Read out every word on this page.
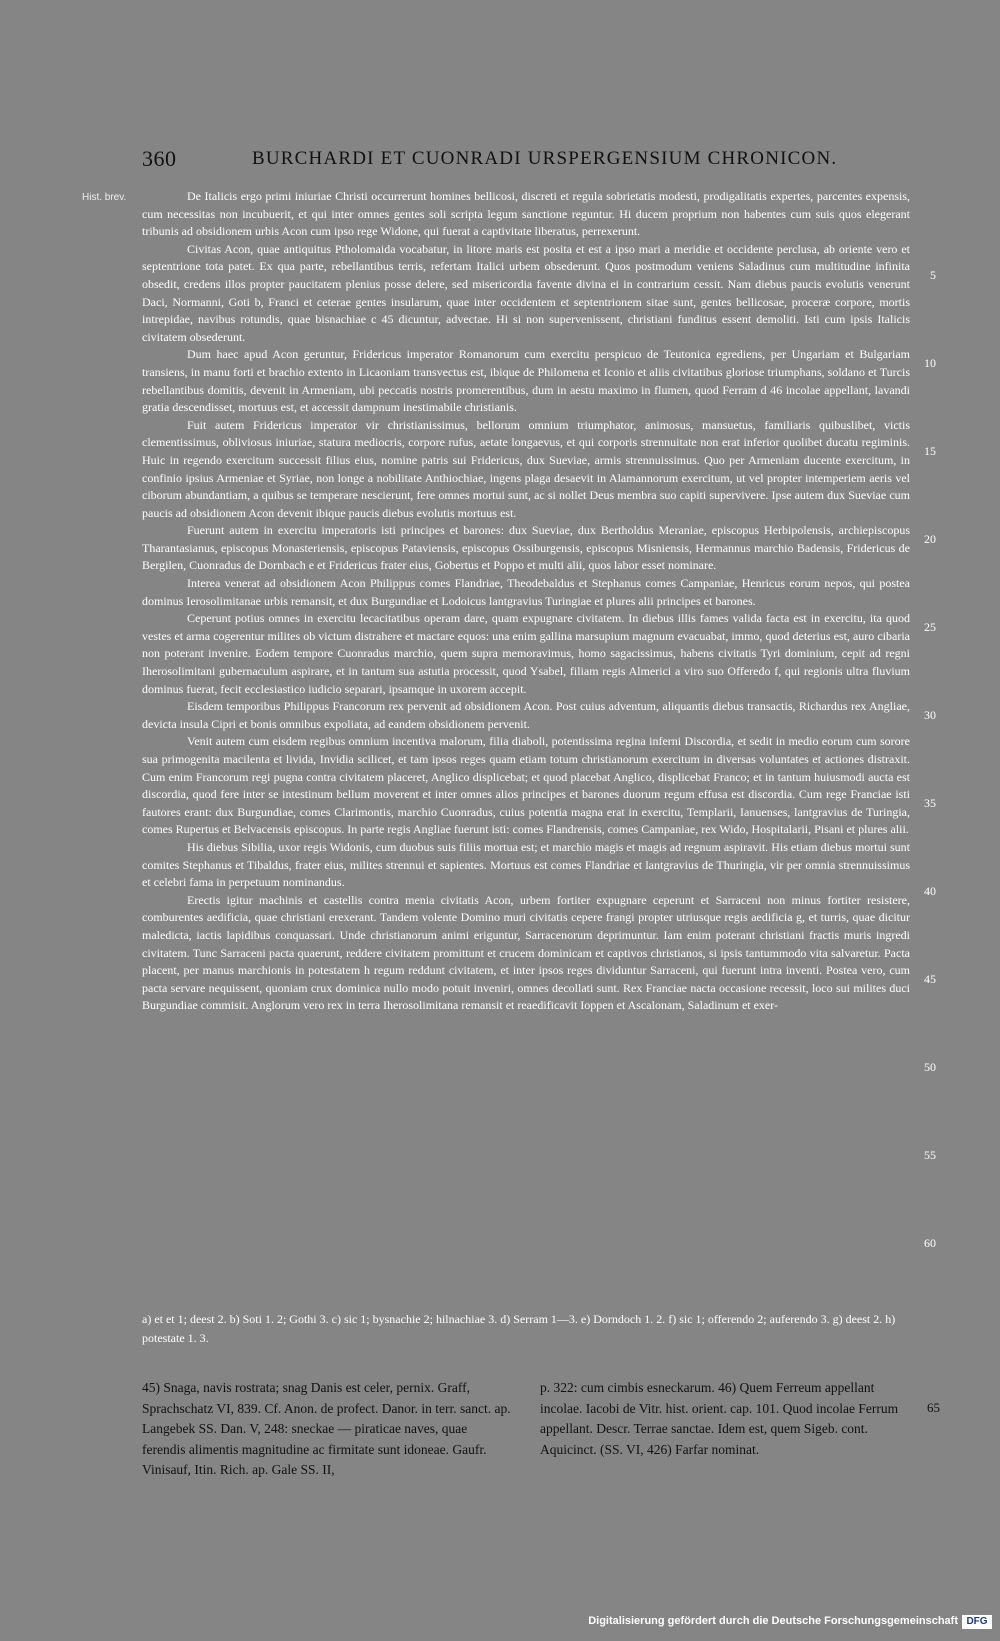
360	BURCHARDI ET CUONRADI URSPERGENSIUM CHRONICON.
Hist. brev.	De Italicis ergo primi iniuriae Christi occurrerunt homines bellicosi, discreti et regula sobrietatis modesti, prodigalitatis expertes, parcentes expensis, cum necessitas non incubuerit, et qui inter omnes gentes soli scripta legum sanctione reguntur. Hi ducem proprium non habentes cum suis quos elegerant tribunis ad obsidionem urbis Acon cum ipso rege Widone, qui fuerat a captivitate liberatus, perrexerunt.

Civitas Acon, quae antiquitus Ptholomaida vocabatur, in litore maris est posita et est a ipso mari a meridie et occidente perclusa, ab oriente vero et septentrione tota patet. Ex qua parte, rebellantibus terris, refertam Italici urbem obsederunt. Quos postmodum veniens Saladinus cum multitudine infinita obsedit, credens illos propter paucitatem plenius posse delere, sed misericordia favente divina ei in contrarium cessit. Nam diebus paucis evolutis venerunt Daci, Normanni, Goti b, Franci et ceterae gentes insularum, quae inter occidentem et septentrionem sitae sunt, gentes bellicosae, proceræ corpore, mortis intrepidae, navibus rotundis, quae bisnachiae c 45 dicuntur, advectae. Hi si non supervenissent, christiani funditus essent demoliti. Isti cum ipsis Italicis civitatem obsederunt.

Dum haec apud Acon geruntur, Fridericus imperator Romanorum cum exercitu perspicuo de Teutonica egrediens, per Ungariam et Bulgariam transiens, in manu forti et brachio extento in Licaoniam transvectus est, ibique de Philomena et Iconio et aliis civitatibus gloriose triumphans, soldano et Turcis rebellantibus domitis, devenit in Armeniam, ubi peccatis nostris promerentibus, dum in aestu maximo in flumen, quod Ferram d 46 incolae appellant, lavandi gratia descendisset, mortuus est, et accessit dampnum inestimabile christianis.

Fuit autem Fridericus imperator vir christianissimus, bellorum omnium triumphator, animosus, mansuetus, familiaris quibuslibet, victis clementissimus, obliviosus iniuriae, statura mediocris, corpore rufus, aetate longaevus, et qui corporis strennuitate non erat inferior quolibet ducatu regiminis. Huic in regendo exercitum successit filius eius, nomine patris sui Fridericus, dux Sueviae, armis strennuissimus. Quo per Armeniam ducente exercitum, in confinio ipsius Armeniae et Syriae, non longe a nobilitate Anthiochiae, ingens plaga desaevit in Alamannorum exercitum, ut vel propter intemperiem aeris vel ciborum abundantiam, a quibus se temperare nescierunt, fere omnes mortui sunt, ac si nollet Deus membra suo capiti supervivere. Ipse autem dux Sueviae cum paucis ad obsidionem Acon devenit ibique paucis diebus evolutis mortuus est.

Fuerunt autem in exercitu imperatoris isti principes et barones: dux Sueviae, dux Bertholdus Meraniae, episcopus Herbipolensis, archiepiscopus Tharantasianus, episcopus Monasteriensis, episcopus Pataviensis, episcopus Ossiburgensis, episcopus Misniensis, Hermannus marchio Badensis, Fridericus de Bergilen, Cuonradus de Dornbach e et Fridericus frater eius, Gobertus et Poppo et multi alii, quos labor esset nominare.

Interea venerat ad obsidionem Acon Philippus comes Flandriae, Theodebaldus et Stephanus comes Campaniae, Henricus eorum nepos, qui postea dominus Ierosolimitanae urbis remansit, et dux Burgundiae et Lodoicus lantgravius Turingiae et plures alii principes et barones.

Ceperunt potius omnes in exercitu lecacitatibus operam dare, quam expugnare civitatem. In diebus illis fames valida facta est in exercitu, ita quod vestes et arma cogerentur milites ob victum distrahere et mactare equos: una enim gallina marsupium magnum evacuabat, immo, quod deterius est, auro cibaria non poterant invenire. Eodem tempore Cuonradus marchio, quem supra memoravimus, homo sagacissimus, habens civitatis Tyri dominium, cepit ad regni Iherosolimitani gubernaculum aspirare, et in tantum sua astutia processit, quod Ysabel, filiam regis Almerici a viro suo Offeredo f, qui regionis ultra fluvium dominus fuerat, fecit ecclesiastico iudicio separari, ipsamque in uxorem accepit.

Eisdem temporibus Philippus Francorum rex pervenit ad obsidionem Acon. Post cuius adventum, aliquantis diebus transactis, Richardus rex Angliae, devicta insula Cipri et bonis omnibus expoliata, ad eandem obsidionem pervenit.

Venit autem cum eisdem regibus omnium incentiva malorum, filia diaboli, potentissima regina inferni Discordia, et sedit in medio eorum cum sorore sua primogenita macilenta et livida, Invidia scilicet, et tam ipsos reges quam etiam totum christianorum exercitum in diversas voluntates et actiones distraxit. Cum enim Francorum regi pugna contra civitatem placeret, Anglico displicebat; et quod placebat Anglico, displicebat Franco; et in tantum huiusmodi aucta est discordia, quod fere inter se intestinum bellum moverent et inter omnes alios principes et barones duorum regum effusa est discordia. Cum rege Franciae isti fautores erant: dux Burgundiae, comes Clarimontis, marchio Cuonradus, cuius potentia magna erat in exercitu, Templarii, Ianuenses, lantgravius de Turingia, comes Rupertus et Belvacensis episcopus. In parte regis Angliae fuerunt isti: comes Flandrensis, comes Campaniae, rex Wido, Hospitalarii, Pisani et plures alii.

His diebus Sibilia, uxor regis Widonis, cum duobus suis filiis mortua est; et marchio magis et magis ad regnum aspiravit. His etiam diebus mortui sunt comites Stephanus et Tibaldus, frater eius, milites strennui et sapientes. Mortuus est comes Flandriae et lantgravius de Thuringia, vir per omnia strennuissimus et celebri fama in perpetuum nominandus.

Erectis igitur machinis et castellis contra menia civitatis Acon, urbem fortiter expugnare ceperunt et Sarraceni non minus fortiter resistere, comburentes aedificia, quae christiani erexerant. Tandem volente Domino muri civitatis cepere frangi propter utriusque regis aedificia g, et turris, quae dicitur maledicta, iactis lapidibus conquassari. Unde christianorum animi eriguntur, Sarracenorum deprimuntur. Iam enim poterant christiani fractis muris ingredi civitatem. Tunc Sarraceni pacta quaerunt, reddere civitatem promittunt et crucem dominicam et captivos christianos, si ipsis tantummodo vita salvaretur. Pacta placent, per manus marchionis in potestatem h regum reddunt civitatem, et inter ipsos reges dividuntur Sarraceni, qui fuerunt intra inventi. Postea vero, cum pacta servare nequissent, quoniam crux dominica nullo modo potuit inveniri, omnes decollati sunt. Rex Franciae nacta occasione recessit, loco sui milites duci Burgundiae commisit. Anglorum vero rex in terra Iherosolimitana remansit et reaedificavit Ioppen et Ascalonam, Saladinum et exer-

5
10
15
20
25
30
35
40
45
50
55
60

a) et et 1; deest 2. b) Soti 1. 2; Gothi 3. c) sic 1; bysnachie 2; hilnachiae 3. d) Serram 1—3. e) Dorndoch 1. 2. f) sic 1; offerendo 2; auferendo 3. g) deest 2. h) potestate 1. 3.

45) Snaga, navis rostrata; snag Danis est celer, pernix. Graff, Sprachschatz VI, 839. Cf. Anon. de profect. Danor. in terr. sanct. ap. Langebek SS. Dan. V, 248: sneckae — piraticae naves, quae ferendis alimentis magnitudine ac firmitate sunt idoneae. Gaufr. Vinisauf, Itin. Rich. ap. Gale SS. II,

p. 322: cum cimbis esneckarum. 46) Quem Ferreum appellant incolae. Iacobi de Vitr. hist. orient. cap. 101. Quod incolae Ferrum appellant. Descr. Terrae sanctae. Idem est, quem Sigeb. cont. Aquicinct. (SS. VI, 426) Farfar nominat.

65
Digitalisierung gefördert durch die Deutsche Forschungsgemeinschaft DFG
